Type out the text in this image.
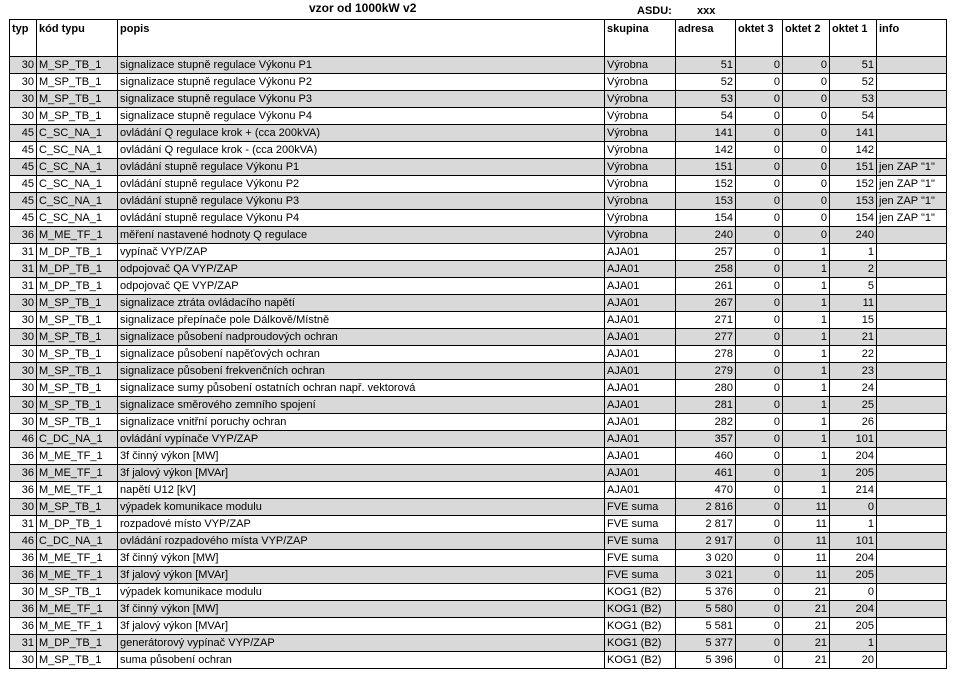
vzor od 1000kW v2	ASDU: xxx
typ	kód typu	popis	skupina	adresa	oktet 3	oktet 2	oktet 1	info
30	M_SP_TB_1	signalizace stupně regulace Výkonu P1	Výrobna	51	0	0	51	
30	M_SP_TB_1	signalizace stupně regulace Výkonu P2	Výrobna	52	0	0	52	
30	M_SP_TB_1	signalizace stupně regulace Výkonu P3	Výrobna	53	0	0	53	
30	M_SP_TB_1	signalizace stupně regulace Výkonu P4	Výrobna	54	0	0	54	
45	C_SC_NA_1	ovládání Q regulace krok + (cca 200kVA)	Výrobna	141	0	0	141	
45	C_SC_NA_1	ovládání Q regulace krok - (cca 200kVA)	Výrobna	142	0	0	142	
45	C_SC_NA_1	ovládání stupně regulace Výkonu P1	Výrobna	151	0	0	151	jen ZAP "1"
45	C_SC_NA_1	ovládání stupně regulace Výkonu P2	Výrobna	152	0	0	152	jen ZAP "1"
45	C_SC_NA_1	ovládání stupně regulace Výkonu P3	Výrobna	153	0	0	153	jen ZAP "1"
45	C_SC_NA_1	ovládání stupně regulace Výkonu P4	Výrobna	154	0	0	154	jen ZAP "1"
36	M_ME_TF_1	měření nastavené hodnoty Q regulace	Výrobna	240	0	0	240	
31	M_DP_TB_1	vypínač VYP/ZAP	AJA01	257	0	1	1	
31	M_DP_TB_1	odpojovač QA VYP/ZAP	AJA01	258	0	1	2	
31	M_DP_TB_1	odpojovač QE VYP/ZAP	AJA01	261	0	1	5	
30	M_SP_TB_1	signalizace ztráta ovládacího napětí	AJA01	267	0	1	11	
30	M_SP_TB_1	signalizace přepínače pole Dálkově/Místně	AJA01	271	0	1	15	
30	M_SP_TB_1	signalizace působení nadproudových ochran	AJA01	277	0	1	21	
30	M_SP_TB_1	signalizace působení napěťových ochran	AJA01	278	0	1	22	
30	M_SP_TB_1	signalizace působení frekvenčních ochran	AJA01	279	0	1	23	
30	M_SP_TB_1	signalizace sumy působení ostatních ochran např. vektorová	AJA01	280	0	1	24	
30	M_SP_TB_1	signalizace směrového zemního spojení	AJA01	281	0	1	25	
30	M_SP_TB_1	signalizace vnitřní poruchy ochran	AJA01	282	0	1	26	
46	C_DC_NA_1	ovládání vypínače VYP/ZAP	AJA01	357	0	1	101	
36	M_ME_TF_1	3f činný výkon [MW]	AJA01	460	0	1	204	
36	M_ME_TF_1	3f jalový výkon [MVAr]	AJA01	461	0	1	205	
36	M_ME_TF_1	napětí U12 [kV]	AJA01	470	0	1	214	
30	M_SP_TB_1	výpadek komunikace modulu	FVE suma	2 816	0	11	0	
31	M_DP_TB_1	rozpadové místo VYP/ZAP	FVE suma	2 817	0	11	1	
46	C_DC_NA_1	ovládání rozpadového místa VYP/ZAP	FVE suma	2 917	0	11	101	
36	M_ME_TF_1	3f činný výkon [MW]	FVE suma	3 020	0	11	204	
36	M_ME_TF_1	3f jalový výkon [MVAr]	FVE suma	3 021	0	11	205	
30	M_SP_TB_1	výpadek komunikace modulu	KOG1 (B2)	5 376	0	21	0	
36	M_ME_TF_1	3f činný výkon [MW]	KOG1 (B2)	5 580	0	21	204	
36	M_ME_TF_1	3f jalový výkon [MVAr]	KOG1 (B2)	5 581	0	21	205	
31	M_DP_TB_1	generátorový vypínač VYP/ZAP	KOG1 (B2)	5 377	0	21	1	
30	M_SP_TB_1	suma působení ochran	KOG1 (B2)	5 396	0	21	20	
